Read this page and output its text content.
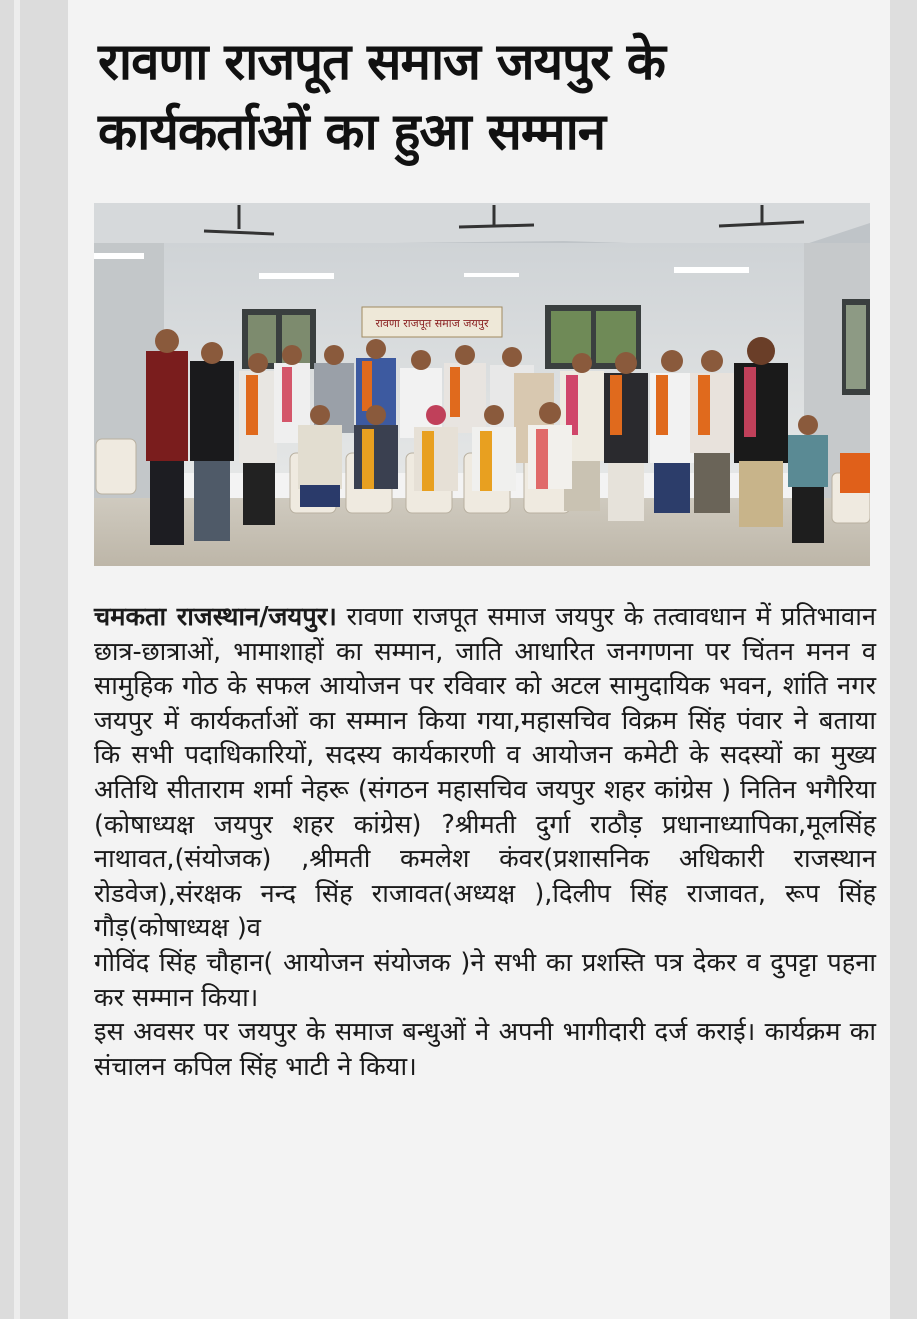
रावणा राजपूत समाज जयपुर के
कार्यकर्ताओं का हुआ सम्मान
रावणा राजपूत समाज जयपुर

चमकता राजस्थान/जयपुर। रावणा राजपूत समाज जयपुर के तत्वावधान में प्रतिभावान छात्र-छात्राओं, भामाशाहों का सम्मान, जाति आधारित जनगणना पर चिंतन मनन व सामुहिक गोठ के सफल आयोजन पर रविवार को अटल सामुदायिक भवन, शांति नगर जयपुर में कार्यकर्ताओं का सम्मान किया गया,महासचिव विक्रम सिंह पंवार ने बताया कि सभी पदाधिकारियों, सदस्य कार्यकारणी व आयोजन कमेटी के सदस्यों का मुख्य अतिथि सीताराम शर्मा नेहरू (संगठन महासचिव जयपुर शहर कांग्रेस ) नितिन भगैरिया (कोषाध्यक्ष जयपुर शहर कांग्रेस) ?श्रीमती दुर्गा राठौड़ प्रधानाध्यापिका,मूलसिंह नाथावत,(संयोजक) ,श्रीमती कमलेश कंवर(प्रशासनिक अधिकारी राजस्थान रोडवेज),संरक्षक नन्द सिंह राजावत(अध्यक्ष ),दिलीप सिंह राजावत, रूप सिंह गौड़(कोषाध्यक्ष )व

गोविंद सिंह चौहान( आयोजन संयोजक )ने सभी का प्रशस्ति पत्र देकर व दुपट्टा पहना कर सम्मान किया।

इस अवसर पर जयपुर के समाज बन्धुओं ने अपनी भागीदारी दर्ज कराई। कार्यक्रम का संचालन कपिल सिंह भाटी ने किया।
